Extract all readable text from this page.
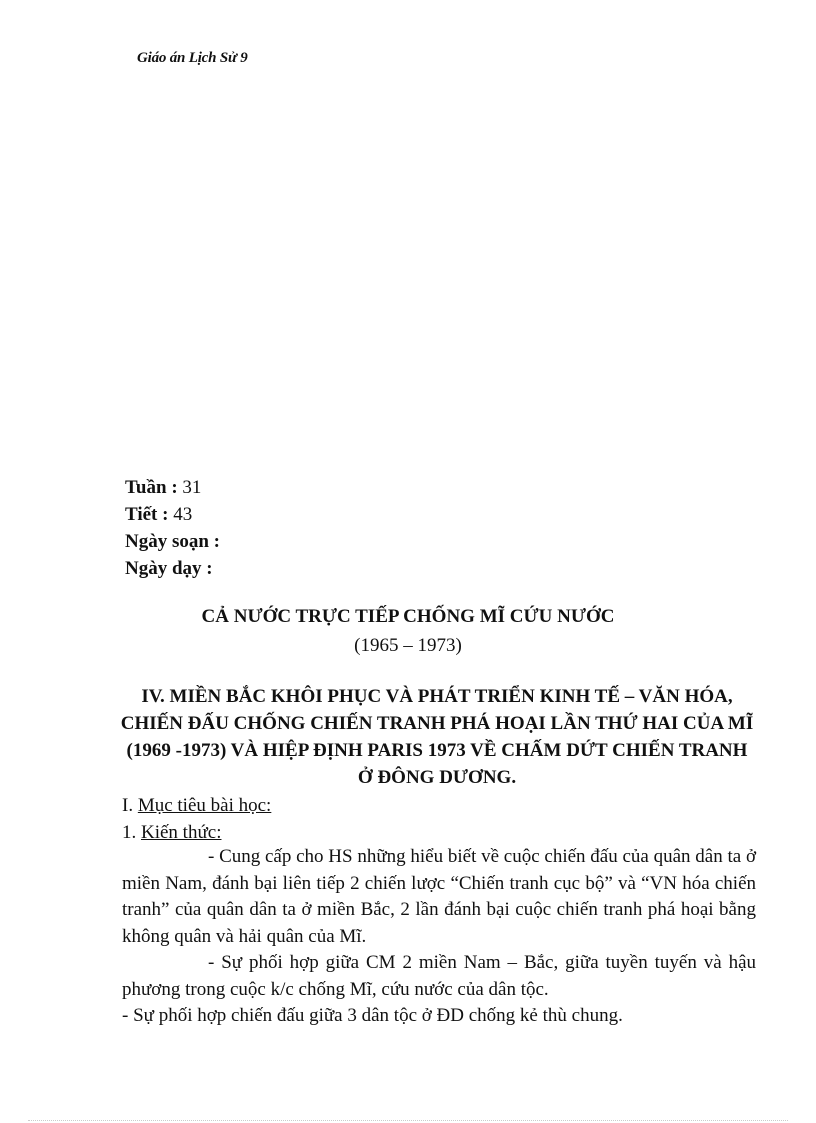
Giáo án Lịch Sử 9
Tuần : 31
Tiết : 43
Ngày soạn :
Ngày dạy :
CẢ NƯỚC TRỰC TIẾP CHỐNG MĨ CỨU NƯỚC
(1965 – 1973)
IV. MIỀN BẮC KHÔI PHỤC VÀ PHÁT TRIỂN KINH TẾ – VĂN HÓA,
CHIẾN ĐẤU CHỐNG CHIẾN TRANH PHÁ HOẠI LẦN THỨ HAI CỦA MĨ
(1969 -1973) VÀ HIỆP ĐỊNH PARIS 1973 VỀ CHẤM DỨT CHIẾN TRANH
Ở ĐÔNG DƯƠNG.
I. Mục tiêu bài học:
1. Kiến thức:

- Cung cấp cho HS những hiểu biết về cuộc chiến đấu của quân dân ta ở miền Nam, đánh bại liên tiếp 2 chiến lược “Chiến tranh cục bộ” và “VN hóa chiến tranh” của quân dân ta ở miền Bắc, 2 lần đánh bại cuộc chiến tranh phá hoại bằng không quân và hải quân của Mĩ.

- Sự phối hợp giữa CM 2 miền Nam – Bắc, giữa tuyền tuyến và hậu phương trong cuộc k/c chống Mĩ, cứu nước của dân tộc.

- Sự phối hợp chiến đấu giữa 3 dân tộc ở ĐD chống kẻ thù chung.
